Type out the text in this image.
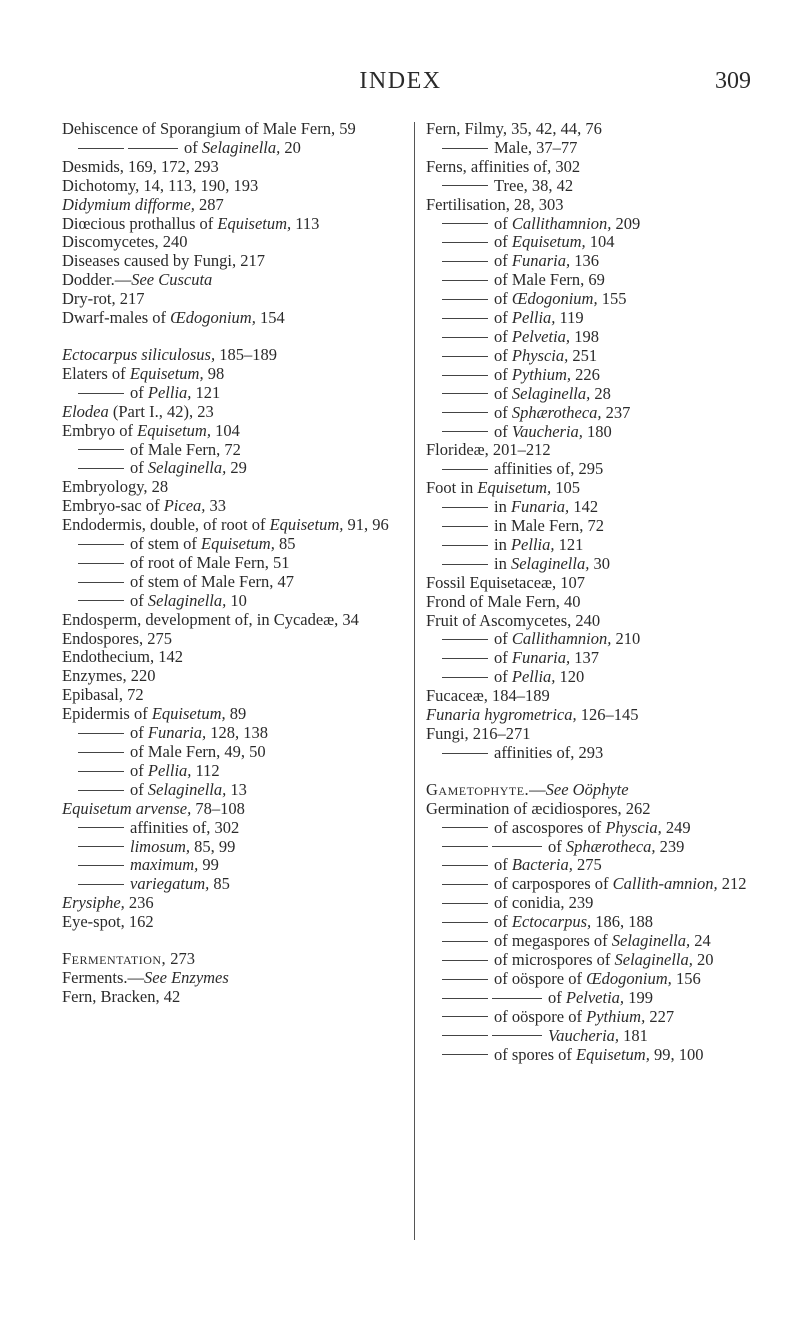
INDEX	309
Dehiscence of Sporangium of Male Fern, 59
of Selaginella, 20
Desmids, 169, 172, 293
Dichotomy, 14, 113, 190, 193
Didymium difforme, 287
Diœcious prothallus of Equisetum, 113
Discomycetes, 240
Diseases caused by Fungi, 217
Dodder.—See Cuscuta
Dry-rot, 217
Dwarf-males of Œdogonium, 154
Ectocarpus siliculosus, 185–189
Elaters of Equisetum, 98
of Pellia, 121
Elodea (Part I., 42), 23
Embryo of Equisetum, 104
of Male Fern, 72
of Selaginella, 29
Embryology, 28
Embryo-sac of Picea, 33
Endodermis, double, of root of Equisetum, 91, 96
of stem of Equisetum, 85
of root of Male Fern, 51
of stem of Male Fern, 47
of Selaginella, 10
Endosperm, development of, in Cycadeæ, 34
Endospores, 275
Endothecium, 142
Enzymes, 220
Epibasal, 72
Epidermis of Equisetum, 89
of Funaria, 128, 138
of Male Fern, 49, 50
of Pellia, 112
of Selaginella, 13
Equisetum arvense, 78–108
affinities of, 302
limosum, 85, 99
maximum, 99
variegatum, 85
Erysiphe, 236
Eye-spot, 162
Fermentation, 273
Ferments.—See Enzymes
Fern, Bracken, 42
Fern, Filmy, 35, 42, 44, 76
Male, 37–77
Ferns, affinities of, 302
Tree, 38, 42
Fertilisation, 28, 303
of Callithamnion, 209
of Equisetum, 104
of Funaria, 136
of Male Fern, 69
of Œdogonium, 155
of Pellia, 119
of Pelvetia, 198
of Physcia, 251
of Pythium, 226
of Selaginella, 28
of Sphærotheca, 237
of Vaucheria, 180
Florideæ, 201–212
affinities of, 295
Foot in Equisetum, 105
in Funaria, 142
in Male Fern, 72
in Pellia, 121
in Selaginella, 30
Fossil Equisetaceæ, 107
Frond of Male Fern, 40
Fruit of Ascomycetes, 240
of Callithamnion, 210
of Funaria, 137
of Pellia, 120
Fucaceæ, 184–189
Funaria hygrometrica, 126–145
Fungi, 216–271
affinities of, 293
Gametophyte.—See Oöphyte
Germination of æcidiospores, 262
of ascospores of Physcia, 249
of Sphærotheca, 239
of Bacteria, 275
of carpospores of Callith-amnion, 212
of conidia, 239
of Ectocarpus, 186, 188
of megaspores of Selaginella, 24
of microspores of Selaginella, 20
of oöspore of Œdogonium, 156
of Pelvetia, 199
of oöspore of Pythium, 227
Vaucheria, 181
of spores of Equisetum, 99, 100
